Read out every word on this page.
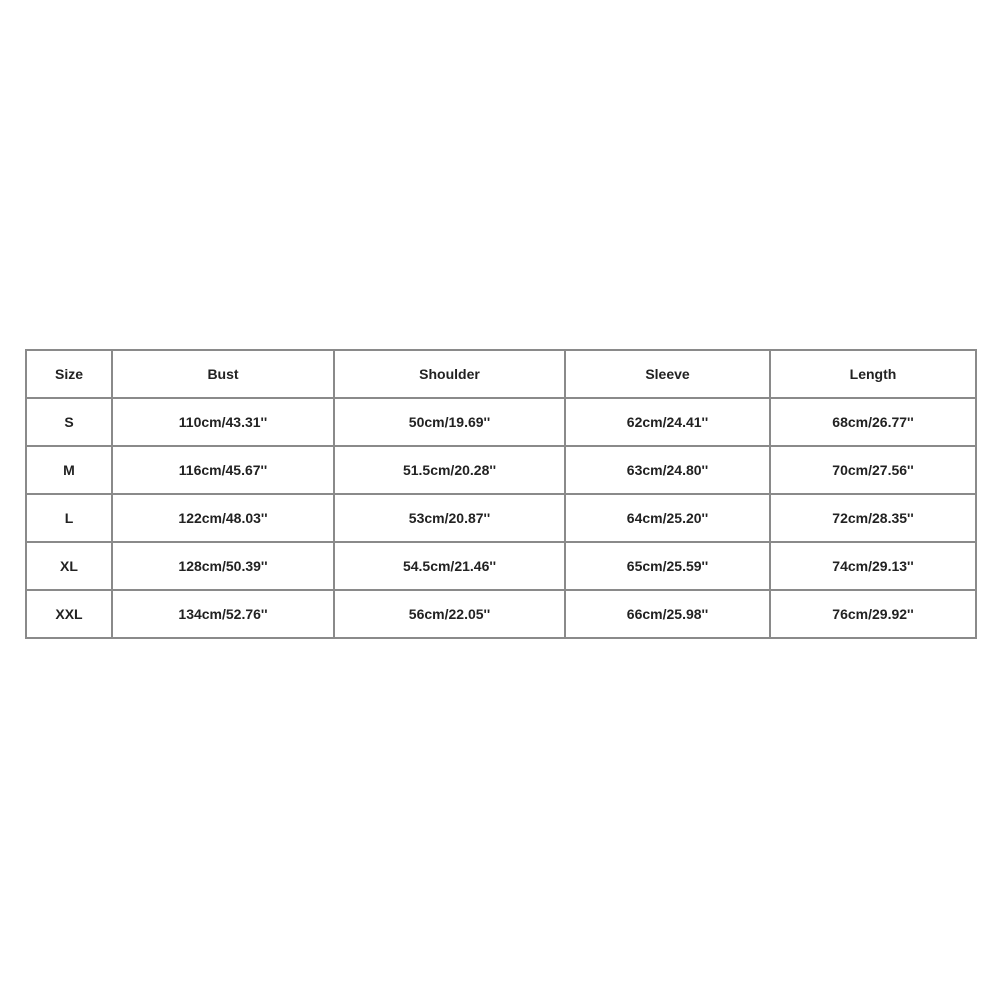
Size	Bust	Shoulder	Sleeve	Length
S	110cm/43.31''	50cm/19.69''	62cm/24.41''	68cm/26.77''
M	116cm/45.67''	51.5cm/20.28''	63cm/24.80''	70cm/27.56''
L	122cm/48.03''	53cm/20.87''	64cm/25.20''	72cm/28.35''
XL	128cm/50.39''	54.5cm/21.46''	65cm/25.59''	74cm/29.13''
XXL	134cm/52.76''	56cm/22.05''	66cm/25.98''	76cm/29.92''
